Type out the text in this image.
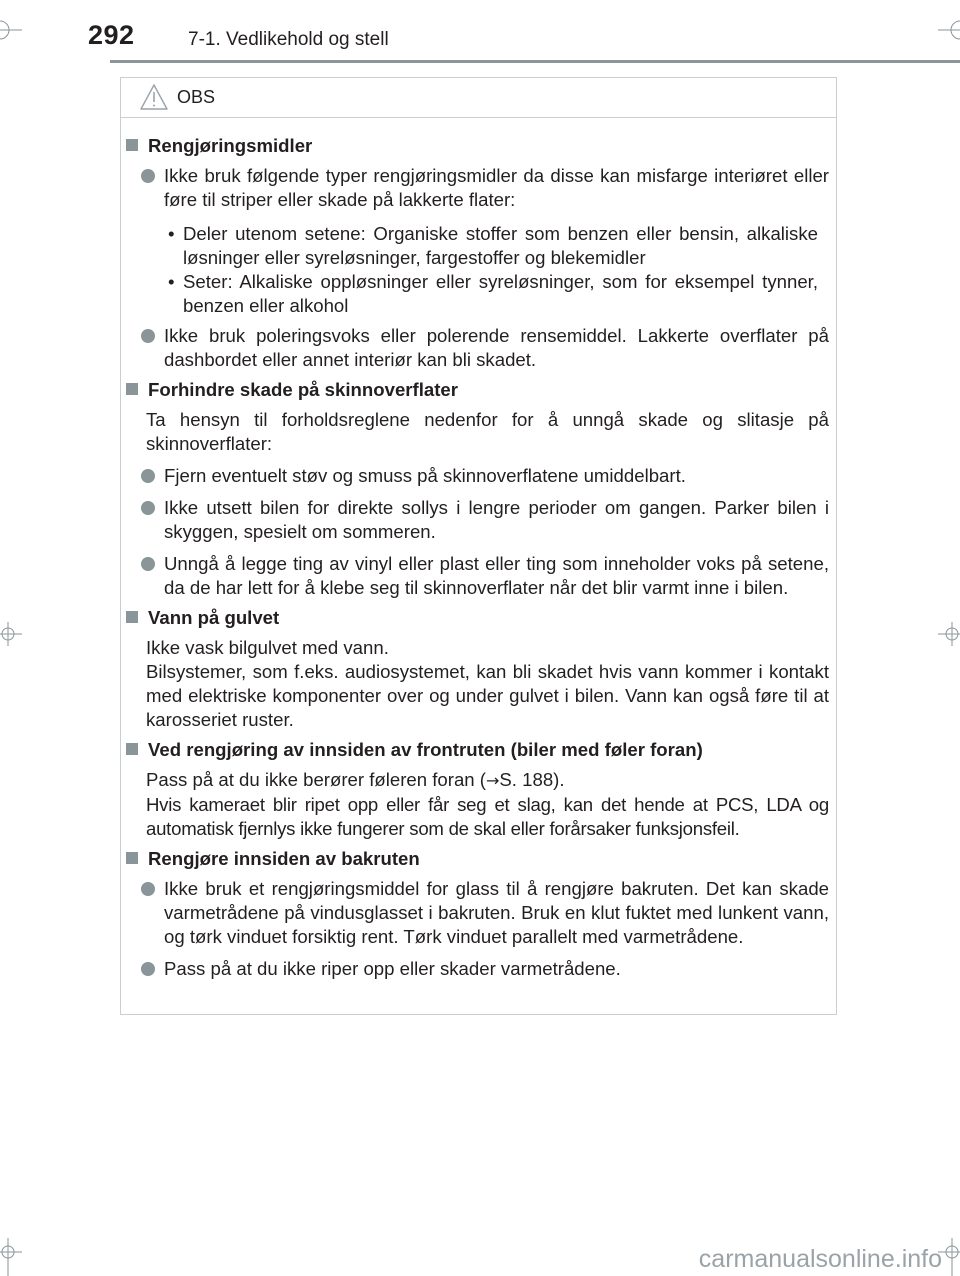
292	7-1. Vedlikehold og stell
OBS
Rengjøringsmidler
Ikke bruk følgende typer rengjøringsmidler da disse kan misfarge interiøret eller føre til striper eller skade på lakkerte flater:
• Deler utenom setene: Organiske stoffer som benzen eller bensin, alkaliske løsninger eller syreløsninger, fargestoffer og blekemidler
• Seter: Alkaliske oppløsninger eller syreløsninger, som for eksempel tynner, benzen eller alkohol
Ikke bruk poleringsvoks eller polerende rensemiddel. Lakkerte overflater på dashbordet eller annet interiør kan bli skadet.
Forhindre skade på skinnoverflater
Ta hensyn til forholdsreglene nedenfor for å unngå skade og slitasje på skinnoverflater:
Fjern eventuelt støv og smuss på skinnoverflatene umiddelbart.
Ikke utsett bilen for direkte sollys i lengre perioder om gangen. Parker bilen i skyggen, spesielt om sommeren.
Unngå å legge ting av vinyl eller plast eller ting som inneholder voks på setene, da de har lett for å klebe seg til skinnoverflater når det blir varmt inne i bilen.
Vann på gulvet
Ikke vask bilgulvet med vann.
Bilsystemer, som f.eks. audiosystemet, kan bli skadet hvis vann kommer i kontakt med elektriske komponenter over og under gulvet i bilen. Vann kan også føre til at karosseriet ruster.
Ved rengjøring av innsiden av frontruten (biler med føler foran)
Pass på at du ikke berører føleren foran (→S. 188).
Hvis kameraet blir ripet opp eller får seg et slag, kan det hende at PCS, LDA og automatisk fjernlys ikke fungerer som de skal eller forårsaker funksjonsfeil.
Rengjøre innsiden av bakruten
Ikke bruk et rengjøringsmiddel for glass til å rengjøre bakruten. Det kan skade varmetrådene på vindusglasset i bakruten. Bruk en klut fuktet med lunkent vann, og tørk vinduet forsiktig rent. Tørk vinduet parallelt med varmetrådene.
Pass på at du ikke riper opp eller skader varmetrådene.
carmanualsonline.info
